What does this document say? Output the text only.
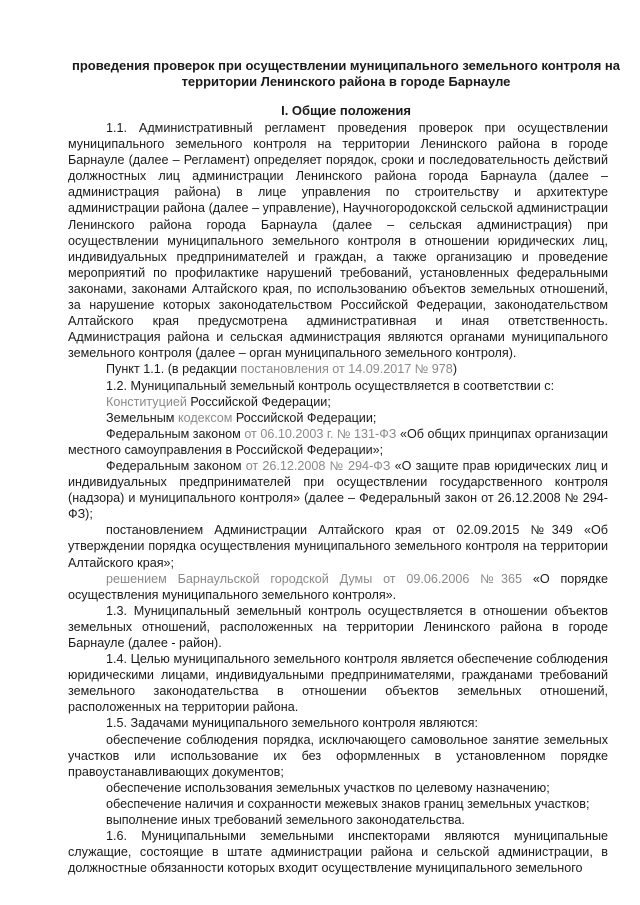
проведения проверок при осуществлении муниципального земельного контроля на территории Ленинского района в городе Барнауле
I. Общие положения

1.1. Административный регламент проведения проверок при осуществлении муниципального земельного контроля на территории Ленинского района в городе Барнауле (далее – Регламент) определяет порядок, сроки и последовательность действий должностных лиц администрации Ленинского района города Барнаула (далее – администрация района) в лице управления по строительству и архитектуре администрации района (далее – управление), Научногородокской сельской администрации Ленинского района города Барнаула (далее – сельская администрация) при осуществлении муниципального земельного контроля в отношении юридических лиц, индивидуальных предпринимателей и граждан, а также организацию и проведение мероприятий по профилактике нарушений требований, установленных федеральными законами, законами Алтайского края, по использованию объектов земельных отношений, за нарушение которых законодательством Российской Федерации, законодательством Алтайского края предусмотрена административная и иная ответственность. Администрация района и сельская администрация являются органами муниципального земельного контроля (далее – орган муниципального земельного контроля).

Пункт 1.1. (в редакции постановления от 14.09.2017 № 978)

1.2. Муниципальный земельный контроль осуществляется в соответствии с:

Конституцией Российской Федерации;

Земельным кодексом Российской Федерации;

Федеральным законом от 06.10.2003 г. № 131-ФЗ «Об общих принципах организации местного самоуправления в Российской Федерации»;

Федеральным законом от 26.12.2008 № 294-ФЗ «О защите прав юридических лиц и индивидуальных предпринимателей при осуществлении государственного контроля (надзора) и муниципального контроля» (далее – Федеральный закон от 26.12.2008 № 294-ФЗ);

постановлением Администрации Алтайского края от 02.09.2015 №349 «Об утверждении порядка осуществления муниципального земельного контроля на территории Алтайского края»;

решением Барнаульской городской Думы от 09.06.2006 №365 «О порядке осуществления муниципального земельного контроля».

1.3. Муниципальный земельный контроль осуществляется в отношении объектов земельных отношений, расположенных на территории Ленинского района в городе Барнауле (далее - район).

1.4. Целью муниципального земельного контроля является обеспечение соблюдения юридическими лицами, индивидуальными предпринимателями, гражданами требований земельного законодательства в отношении объектов земельных отношений, расположенных на территории района.

1.5. Задачами муниципального земельного контроля являются:

обеспечение соблюдения порядка, исключающего самовольное занятие земельных участков или использование их без оформленных в установленном порядке правоустанавливающих документов;

обеспечение использования земельных участков по целевому назначению;

обеспечение наличия и сохранности межевых знаков границ земельных участков;

выполнение иных требований земельного законодательства.

1.6. Муниципальными земельными инспекторами являются муниципальные служащие, состоящие в штате администрации района и сельской администрации, в должностные обязанности которых входит осуществление муниципального земельного
